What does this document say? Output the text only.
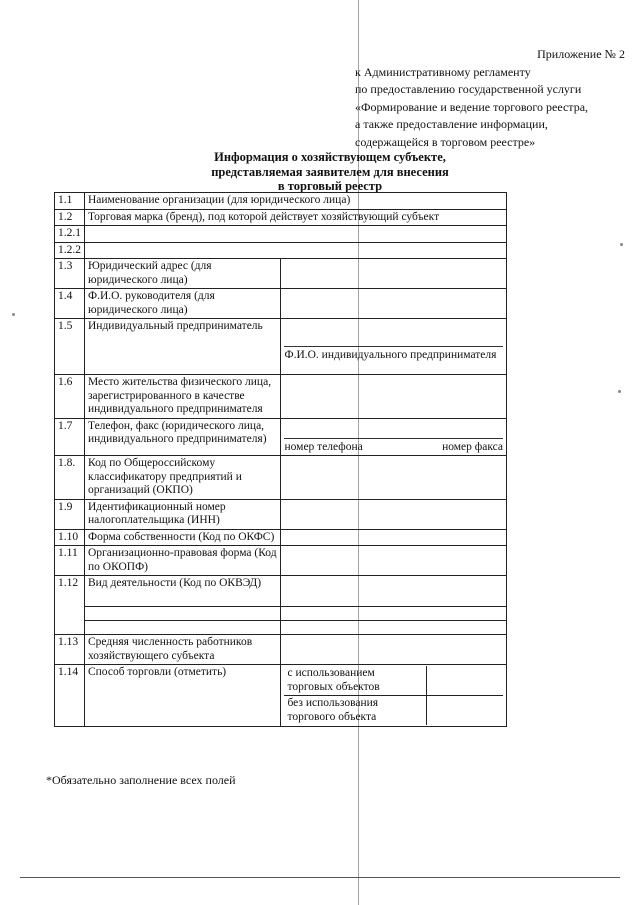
Приложение № 2
к Административному регламенту
по предоставлению государственной услуги
«Формирование и ведение торгового реестра,
а также предоставление информации,
содержащейся в торговом реестре»
Информация о хозяйствующем субъекте,
представляемая заявителем для внесения
в торговый реестр
1.1	Наименование организации (для юридического лица)
1.2	Торговая марка (бренд), под которой действует хозяйствующий субъект
1.2.1	
1.2.2	
1.3	Юридический адрес (для юридического лица)	
1.4	Ф.И.О. руководителя (для юридического лица)	
1.5	Индивидуальный предприниматель	
Ф.И.О. индивидуального предпринимателя

1.6	Место жительства физического лица, зарегистрированного в качестве индивидуального предпринимателя	
1.7	Телефон, факс (юридического лица, индивидуального предпринимателя)	
номер телефона	номер факса

1.8.	Код по Общероссийскому классификатору предприятий и организаций (ОКПО)	
1.9	Идентификационный номер налогоплательщика (ИНН)	
1.10	Форма собственности (Код по ОКФС)	
1.11	Организационно-правовая форма (Код по ОКОПФ)	
1.12	Вид деятельности (Код по ОКВЭД)	

1.13	Средняя численность работников хозяйствующего субъекта	
1.14	Способ торговли (отметить)		с использованием торговых объектов	
без использования торгового объекта	
*Обязательно заполнение всех полей
